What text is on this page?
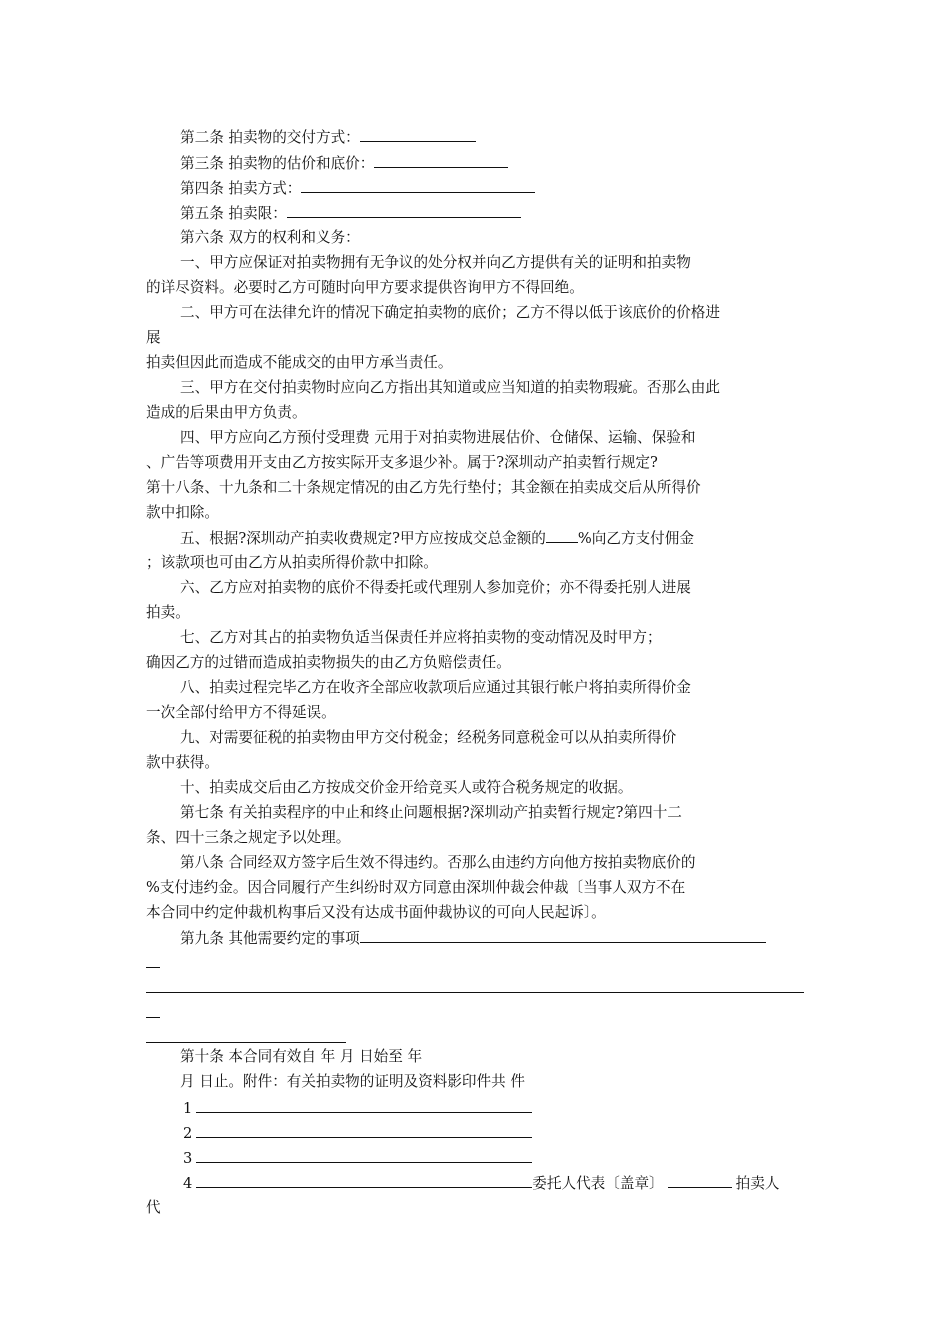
第二条 拍卖物的交付方式：
第三条 拍卖物的估价和底价：
第四条 拍卖方式：
第五条 拍卖限：
第六条 双方的权利和义务：
一、甲方应保证对拍卖物拥有无争议的处分权并向乙方提供有关的证明和拍卖物
的详尽资料。必要时乙方可随时向甲方要求提供咨询甲方不得回绝。
二、甲方可在法律允许的情况下确定拍卖物的底价；乙方不得以低于该底价的价格进
展
拍卖但因此而造成不能成交的由甲方承当责任。
三、甲方在交付拍卖物时应向乙方指出其知道或应当知道的拍卖物瑕疵。否那么由此
造成的后果由甲方负责。
四、甲方应向乙方预付受理费 元用于对拍卖物进展估价、仓储保、运输、保验和
、广告等项费用开支由乙方按实际开支多退少补。属于?深圳动产拍卖暂行规定?
第十八条、十九条和二十条规定情况的由乙方先行垫付；其金额在拍卖成交后从所得价
款中扣除。
五、根据?深圳动产拍卖收费规定?甲方应按成交总金额的 %向乙方支付佣金
；该款项也可由乙方从拍卖所得价款中扣除。
六、乙方应对拍卖物的底价不得委托或代理别人参加竞价；亦不得委托别人进展
拍卖。
七、乙方对其占的拍卖物负适当保责任并应将拍卖物的变动情况及时甲方；
确因乙方的过错而造成拍卖物损失的由乙方负赔偿责任。
八、拍卖过程完毕乙方在收齐全部应收款项后应通过其银行帐户将拍卖所得价金
一次全部付给甲方不得延误。
九、对需要征税的拍卖物由甲方交付税金；经税务同意税金可以从拍卖所得价
款中获得。
十、拍卖成交后由乙方按成交价金开给竞买人或符合税务规定的收据。
第七条 有关拍卖程序的中止和终止问题根据?深圳动产拍卖暂行规定?第四十二
条、四十三条之规定予以处理。
第八条 合同经双方签字后生效不得违约。否那么由违约方向他方按拍卖物底价的
%支付违约金。因合同履行产生纠纷时双方同意由深圳仲裁会仲裁〔当事人双方不在
本合同中约定仲裁机构事后又没有达成书面仲裁协议的可向人民起诉〕。
第九条 其他需要约定的事项
第十条 本合同有效自 年 月 日始至 年
月 日止。附件：有关拍卖物的证明及资料影印件共 件
1
2
3
4	委托人代表〔盖章〕	拍卖人
代
